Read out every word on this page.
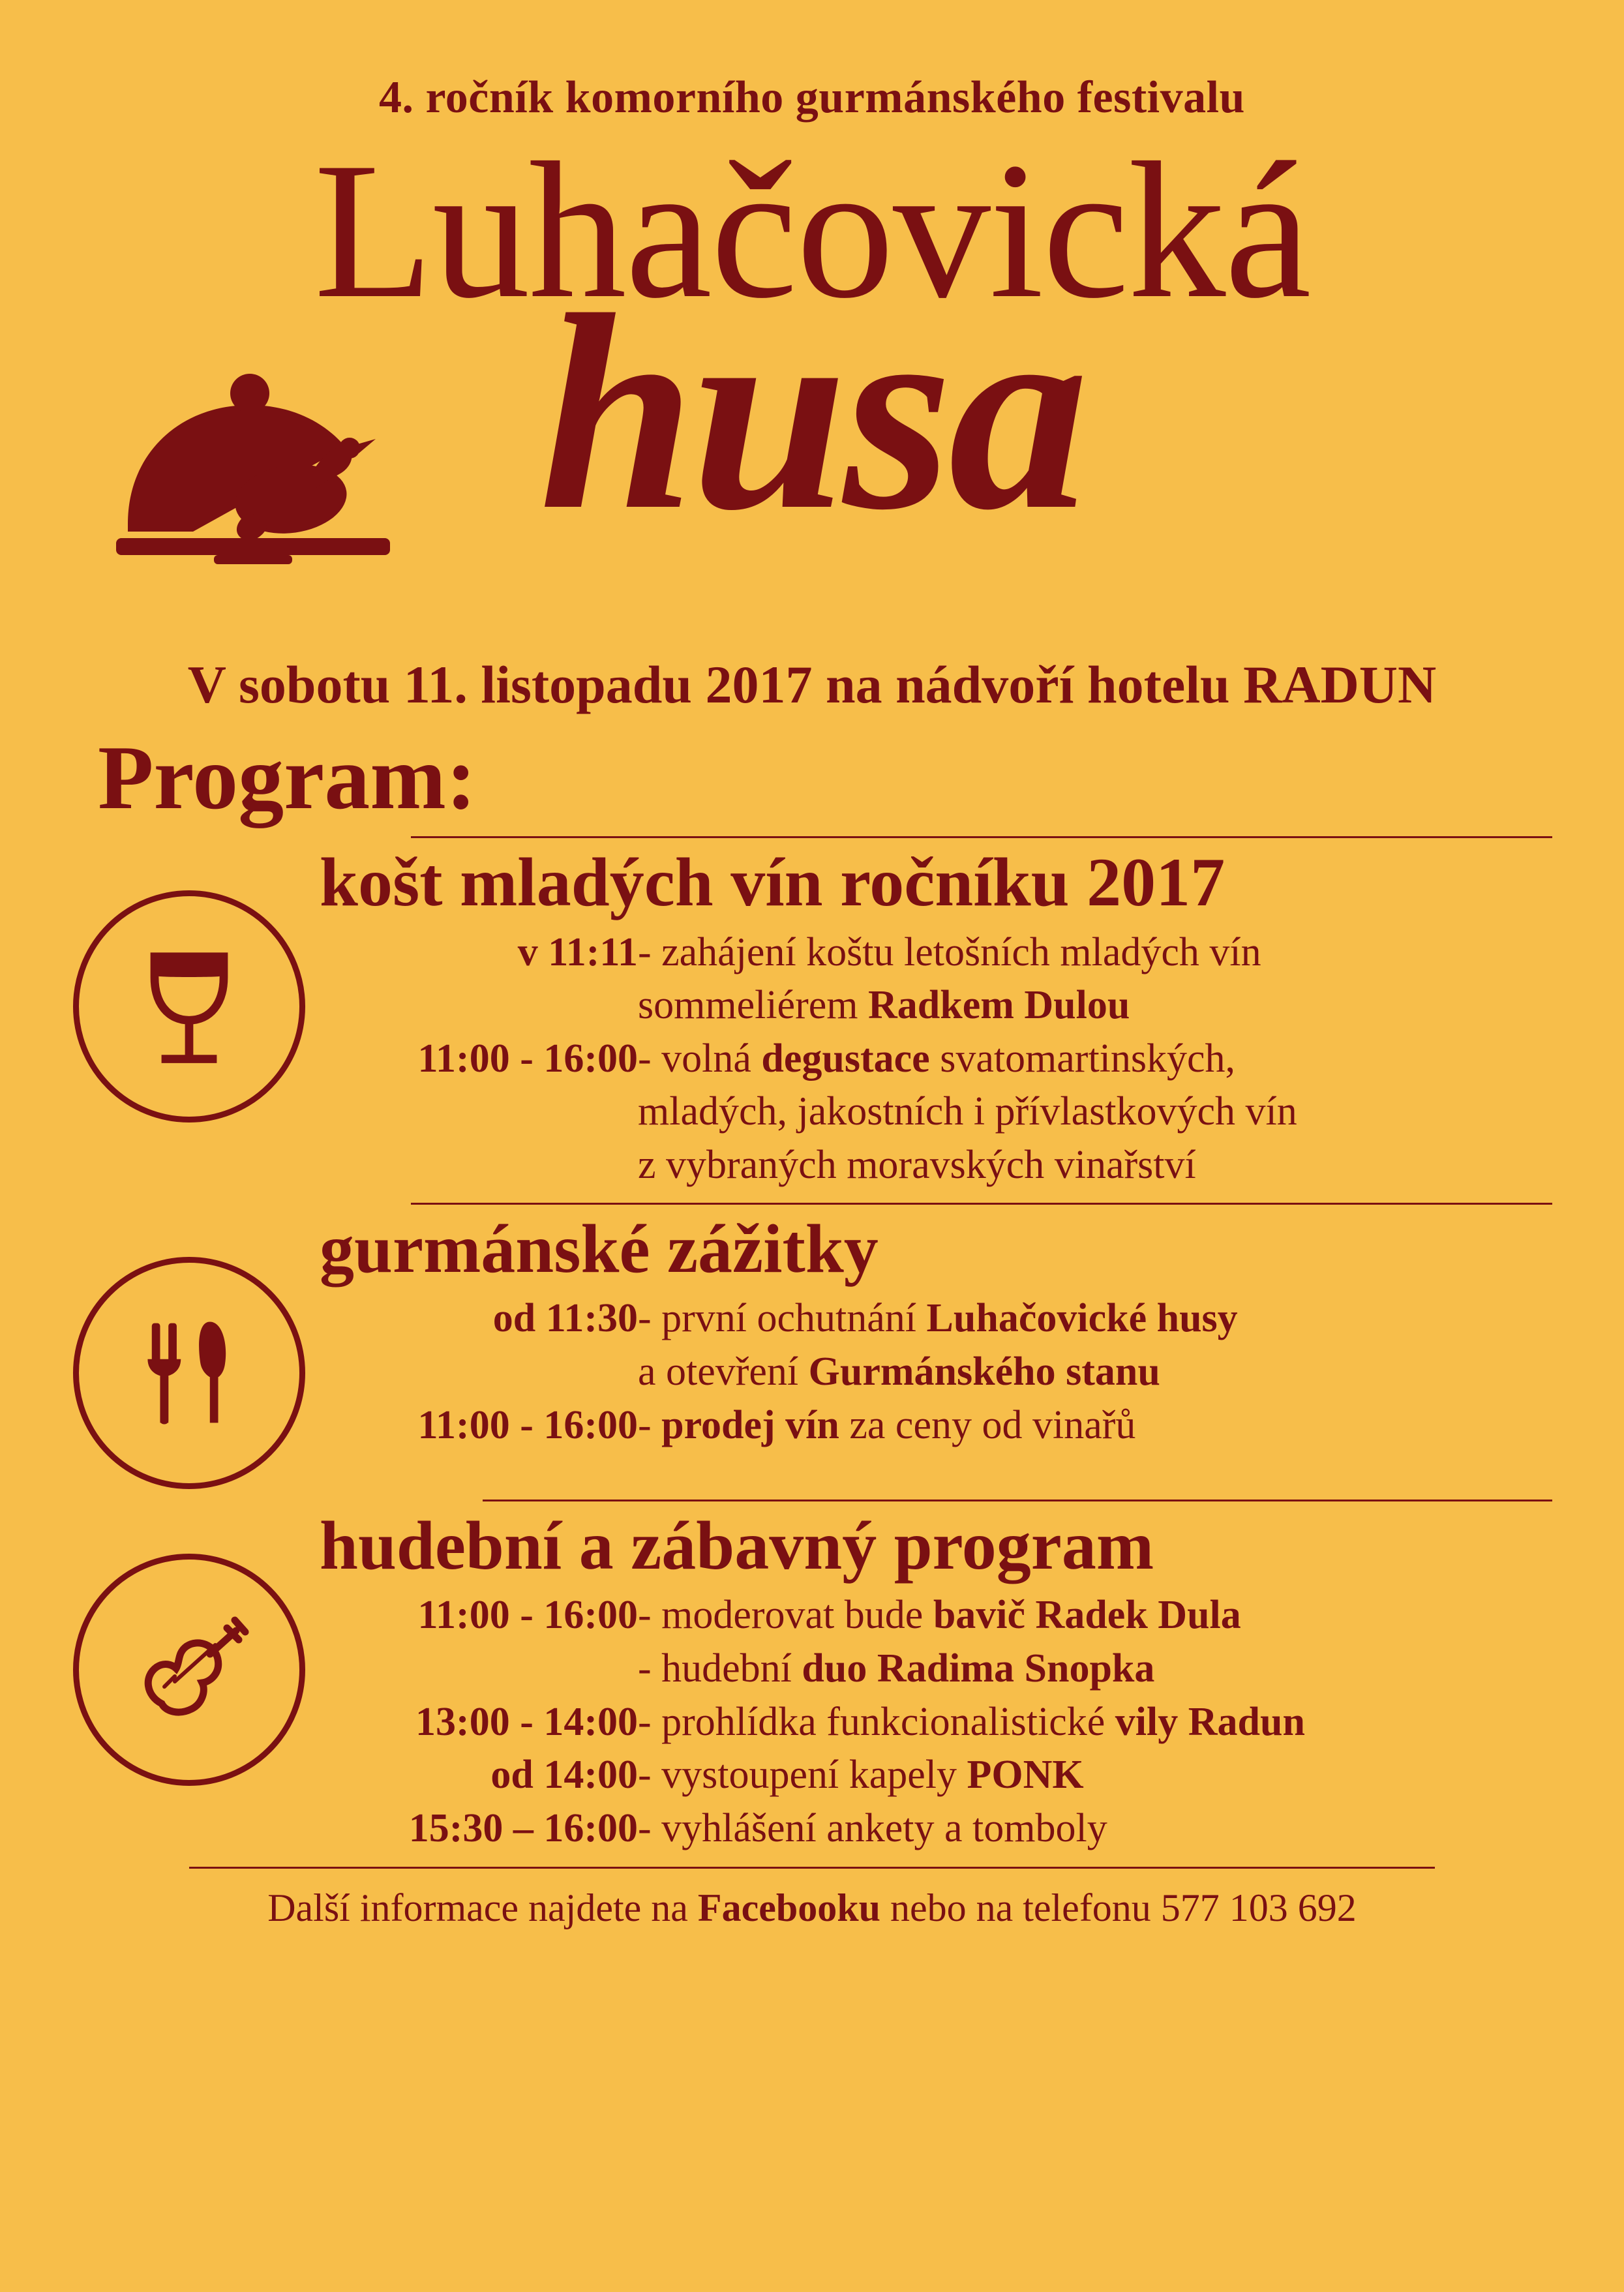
4. ročník komorního gurmánského festivalu
Luhačovická
husa
V sobotu 11. listopadu 2017 na nádvoří hotelu RADUN
Program:
košt mladých vín ročníku 2017
v 11:11	- zahájení koštu letošních mladých vín
	sommeliérem Radkem Dulou
11:00 - 16:00	- volná degustace svatomartinských,
	mladých, jakostních i přívlastkových vín
	z vybraných moravských vinařství
gurmánské zážitky
od 11:30	- první ochutnání Luhačovické husy
	a otevření Gurmánského stanu
11:00 - 16:00	- prodej vín za ceny od vinařů
hudební a zábavný program
11:00 - 16:00	- moderovat bude bavič Radek Dula
	- hudební duo Radima Snopka
13:00 - 14:00	- prohlídka funkcionalistické vily Radun
od 14:00	- vystoupení kapely PONK
15:30 – 16:00	- vyhlášení ankety a tomboly
Další informace najdete na Facebooku nebo na telefonu 577 103 692
